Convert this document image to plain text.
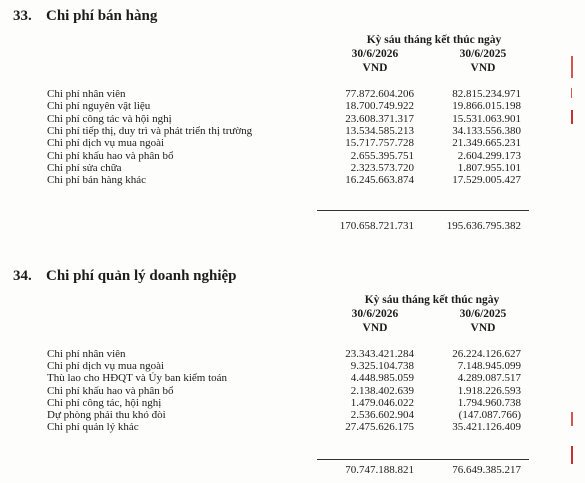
33. Chi phí bán hàng
Kỳ sáu tháng kết thúc ngày
30/6/2026	30/6/2025
VND	VND
Chi phí nhân viên	77.872.604.206	82.815.234.971
Chi phí nguyên vật liệu	18.700.749.922	19.866.015.198
Chi phí công tác và hội nghị	23.608.371.317	15.531.063.901
Chi phí tiếp thị, duy trì và phát triển thị trường	13.534.585.213	34.133.556.380
Chi phí dịch vụ mua ngoài	15.717.757.728	21.349.665.231
Chi phí khấu hao và phân bổ	2.655.395.751	2.604.299.173
Chi phí sửa chữa	2.323.573.720	1.807.955.101
Chi phí bán hàng khác	16.245.663.874	17.529.005.427
170.658.721.731	195.636.795.382
34. Chi phí quản lý doanh nghiệp
Kỳ sáu tháng kết thúc ngày
30/6/2026	30/6/2025
VND	VND
Chi phí nhân viên	23.343.421.284	26.224.126.627
Chi phí dịch vụ mua ngoài	9.325.104.738	7.148.945.099
Thù lao cho HĐQT và Ủy ban kiểm toán	4.448.985.059	4.289.087.517
Chi phí khấu hao và phân bổ	2.138.402.639	1.918.226.593
Chi phí công tác, hội nghị	1.479.046.022	1.794.960.738
Dự phòng phải thu khó đòi	2.536.602.904	(147.087.766)
Chi phí quản lý khác	27.475.626.175	35.421.126.409
70.747.188.821	76.649.385.217
